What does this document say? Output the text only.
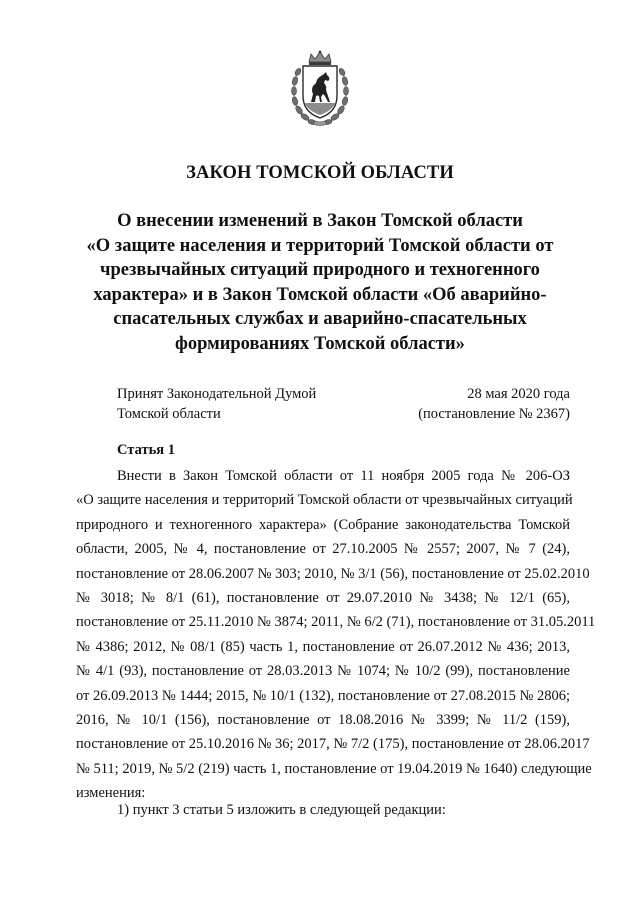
ЗАКОН ТОМСКОЙ ОБЛАСТИ
О внесении изменений в Закон Томской области
«О защите населения и территорий Томской области от
чрезвычайных ситуаций природного и техногенного
характера» и в Закон Томской области «Об аварийно-
спасательных службах и аварийно-спасательных
формированиях Томской области»
Принят Законодательной Думой
Томской области
28 мая 2020 года
(постановление № 2367)
Статья 1
Внести в Закон Томской области от 11 ноября 2005 года № 206-ОЗ
«О защите населения и территорий Томской области от чрезвычайных ситуаций
природного и техногенного характера» (Собрание законодательства Томской
области, 2005, № 4, постановление от 27.10.2005 № 2557; 2007, № 7 (24),
постановление от 28.06.2007 № 303; 2010, № 3/1 (56), постановление от 25.02.2010
№ 3018; № 8/1 (61), постановление от 29.07.2010 № 3438; № 12/1 (65),
постановление от 25.11.2010 № 3874; 2011, № 6/2 (71), постановление от 31.05.2011
№ 4386; 2012, № 08/1 (85) часть 1, постановление от 26.07.2012 № 436; 2013,
№ 4/1 (93), постановление от 28.03.2013 № 1074; № 10/2 (99), постановление
от 26.09.2013 № 1444; 2015, № 10/1 (132), постановление от 27.08.2015 № 2806;
2016, № 10/1 (156), постановление от 18.08.2016 № 3399; № 11/2 (159),
постановление от 25.10.2016 № 36; 2017, № 7/2 (175), постановление от 28.06.2017
№ 511; 2019, № 5/2 (219) часть 1, постановление от 19.04.2019 № 1640) следующие
изменения:
1) пункт 3 статьи 5 изложить в следующей редакции:
